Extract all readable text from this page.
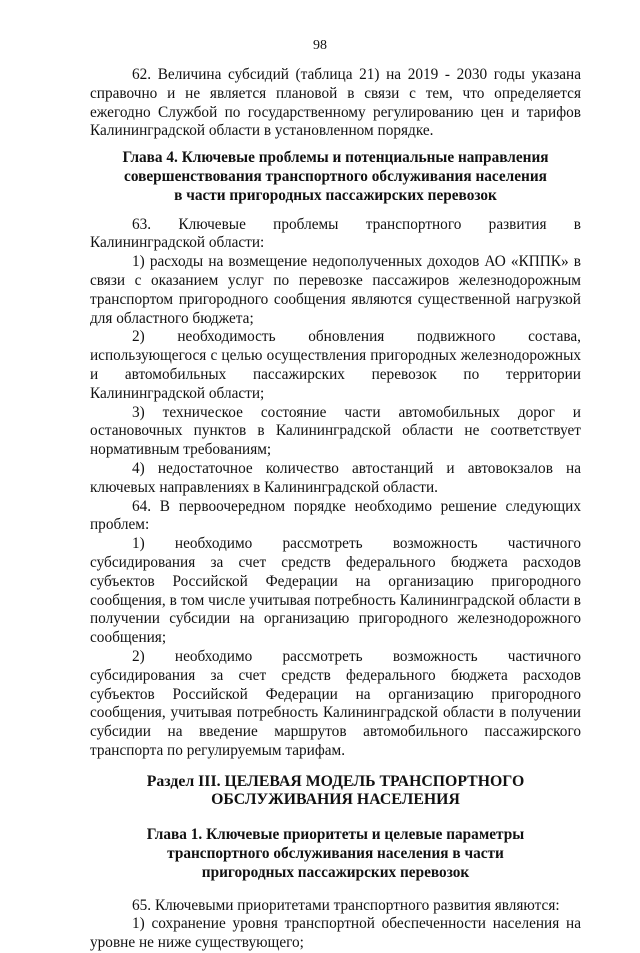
98

62. Величина субсидий (таблица 21) на 2019 - 2030 годы указана справочно и не является плановой в связи с тем, что определяется ежегодно Службой по государственному регулированию цен и тарифов Калининградской области в установленном порядке.

Глава 4. Ключевые проблемы и потенциальные направления
совершенствования транспортного обслуживания населения
в части пригородных пассажирских перевозок

63. Ключевые проблемы транспортного развития в Калининградской области:

1) расходы на возмещение недополученных доходов АО «КППК» в связи с оказанием услуг по перевозке пассажиров железнодорожным транспортом пригородного сообщения являются существенной нагрузкой для областного бюджета;

2) необходимость обновления подвижного состава, использующегося с целью осуществления пригородных железнодорожных и автомобильных пассажирских перевозок по территории Калининградской области;

3) техническое состояние части автомобильных дорог и остановочных пунктов в Калининградской области не соответствует нормативным требованиям;

4) недостаточное количество автостанций и автовокзалов на ключевых направлениях в Калининградской области.

64. В первоочередном порядке необходимо решение следующих проблем:

1) необходимо рассмотреть возможность частичного субсидирования за счет средств федерального бюджета расходов субъектов Российской Федерации на организацию пригородного сообщения, в том числе учитывая потребность Калининградской области в получении субсидии на организацию пригородного железнодорожного сообщения;

2) необходимо рассмотреть возможность частичного субсидирования за счет средств федерального бюджета расходов субъектов Российской Федерации на организацию пригородного сообщения, учитывая потребность Калининградской области в получении субсидии на введение маршрутов автомобильного пассажирского транспорта по регулируемым тарифам.

Раздел III. ЦЕЛЕВАЯ МОДЕЛЬ ТРАНСПОРТНОГО
ОБСЛУЖИВАНИЯ НАСЕЛЕНИЯ
Глава 1. Ключевые приоритеты и целевые параметры
транспортного обслуживания населения в части
пригородных пассажирских перевозок

65. Ключевыми приоритетами транспортного развития являются:

1) сохранение уровня транспортной обеспеченности населения на уровне не ниже существующего;
